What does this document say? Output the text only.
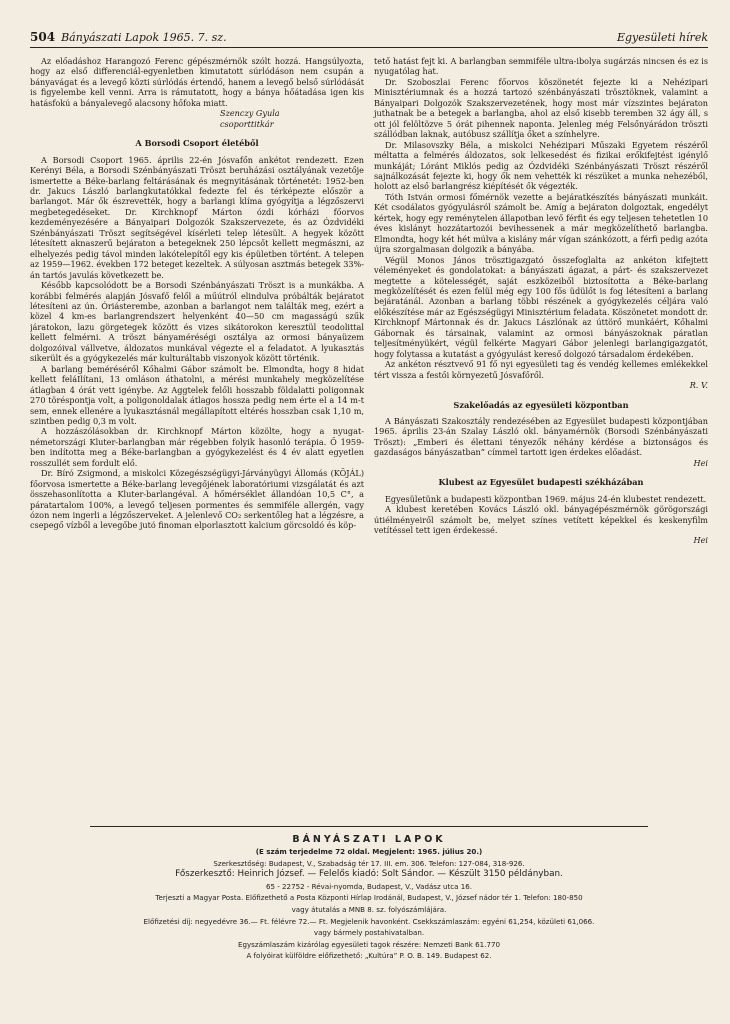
504 Bányászati Lapok 1965. 7. sz.	Egyesületi hírek

Az előadáshoz Harangozó Ferenc gépészmérnök szólt hozzá. Hangsúlyozta, hogy az első differenciál-egyenletben kimutatott súrlódáson nem csupán a bányavágat és a levegő közti súrlódás értendő, hanem a levegő belső súrlódását is figyelembe kell venni. Arra is rámutatott, hogy a bánya hőátadása igen kis hatásfokú a bányalevegő alacsony hőfoka miatt.

Szenczy Gyula
csoporttitkár
A Borsodi Csoport életéből

A Borsodi Csoport 1965. április 22-én Jósvafőn ankétot rendezett. Ezen Kerényi Béla, a Borsodi Szénbányászati Tröszt beruházási osztályának vezetője ismertette a Béke-barlang feltárásának és megnyitásának történetét: 1952-ben dr. Jakucs László barlangkutatókkal fedezte fel és térképezte először a barlangot. Már ők észrevették, hogy a barlangi klíma gyógyítja a légzőszervi megbetegedéseket. Dr. Kirchknopf Márton ózdi kórházi főorvos kezdeményezésére a Bányaipari Dolgozók Szakszervezete, és az Ózdvidéki Szénbányászati Tröszt segítségével kísérleti telep létesült. A hegyek között létesített aknaszerű bejáraton a betegeknek 250 lépcsőt kellett megmászni, az elhelyezés pedig távol minden lakótelepítől egy kis épületben történt. A telepen az 1959—1962. években 172 beteget kezeltek. A súlyosan asztmás betegek 33%-án tartós javulás következett be.

Később kapcsolódott be a Borsodi Szénbányászati Tröszt is a munkákba. A korábbi felmérés alapján Jósvafő felől a műútról elindulva próbálták bejáratot létesíteni az ún. Óriásterembe, azonban a barlangot nem találták meg, ezért a közel 4 km-es barlangrendszert helyenként 40—50 cm magasságú szűk járatokon, lazu görgetegek között és vizes sikátorokon keresztül teodolittal kellett felmérni. A tröszt bányaméréségi osztálya az ormosi bányaüzem dolgozóival vállvetve, áldozatos munkával végezte el a feladatot. A lyukasztás sikerült és a gyógykezelés már kulturáltabb viszonyok között történik.

A barlang beméréséről Kőhalmi Gábor számolt be. Elmondta, hogy 8 hidat kellett feláIlítani, 13 omláson áthatolni, a mérési munkahely megközelítése átlagban 4 órát vett igénybe. Az Aggtelek felőli hosszabb földalatti poligonnak 270 töréspontja volt, a poligonoldalak átlagos hossza pedig nem érte el a 14 m-t sem, ennek ellenére a lyukasztásnál megállapított eltérés hosszban csak 1,10 m, szintben pedig 0,3 m volt.

A hozzászólásokban dr. Kirchknopf Márton közölte, hogy a nyugat-németországi Kluter-barlangban már régebben folyik hasonló terápia. Ő 1959-ben indította meg a Béke-barlangban a gyógykezelést és 4 év alatt egyetlen rosszullét sem fordult elő.

Dr. Bíró Zsigmond, a miskolci Közegészségügyi-Járványügyi Állomás (KÖJÁL) főorvosa ismertette a Béke-barlang levegőjének laboratóriumi vizsgálatát és azt összehasonlította a Kluter-barlangéval. A hőmérséklet állandóan 10,5 C°, a páratartalom 100%, a levegő teljesen pormentes és semmiféle allergén, vagy ózon nem ingerli a légzőszerveket. A jelenlevő CO₂ serkentőleg hat a légzésre, a csepegő vízből a levegőbe jutó finoman elporlasztott kalcium görcsoldó és köp-

tető hatást fejt ki. A barlangban semmiféle ultra-ibolya sugárzás nincsen és ez is nyugatólag hat.

Dr. Szoboszlai Ferenc főorvos köszönetét fejezte ki a Nehézipari Minisztériumnak és a hozzá tartozó szénbányászati trösztöknek, valamint a Bányaipari Dolgozók Szakszervezetének, hogy most már vízszintes bejáraton juthatnak be a betegek a barlangba, ahol az első kisebb teremben 32 ágy áll, s ott jól felöltözve 5 órát pihennek naponta. Jelenleg még Felsőnyárádon tröszti szállódban laknak, autóbusz szállítja őket a színhelyre.

Dr. Milasovszky Béla, a miskolci Nehézipari Műszaki Egyetem részéről méltatta a felmérés áldozatos, sok lelkesedést és fizikai erőkifejtést igénylő munkáját; Lóránt Miklós pedig az Ózdvidéki Szénbányászati Tröszt részéről sajnálkozását fejezte ki, hogy ők nem vehették ki részüket a munka nehezéből, holott az első barlangrész kiépítését ők végezték.

Tóth István ormosi főmérnök vezette a bejáratkészítés bányászati munkáit. Két csodálatos gyógyulásról számolt be. Amíg a bejáraton dolgoztak, engedélyt kértek, hogy egy reménytelen állapotban levő férfit és egy teljesen tehetetlen 10 éves kislányt hozzátartozói bevihessenek a már megközelíthető barlangba. Elmondta, hogy két hét múlva a kislány már vígan szánkózott, a férfi pedig azóta újra szorgalmasan dolgozik a bányába.

Végül Monos János trösztigazgató összefoglalta az ankéton kifejtett véleményeket és gondolatokat: a bányászati ágazat, a párt- és szakszervezet megtette a kötelességét, saját eszközeiből biztosította a Béke-barlang megközelítését és ezen felül még egy 100 fős üdülőt is fog létesíteni a barlang bejáratánál. Azonban a barlang többi részének a gyógykezelés céljára való előkészítése már az Egészségügyi Minisztérium feladata. Köszönetet mondott dr. Kirchknopf Mártonnak és dr. Jakucs Lászlónak az úttörő munkáért, Kőhalmi Gábornak és társainak, valamint az ormosi bányászoknak páratlan teljesítményükért, végül felkérte Magyari Gábor jelenlegi barlangigazgatót, hogy folytassa a kutatást a gyógyulást kereső dolgozó társadalom érdekében.

Az ankéton résztvevő 91 fő nyi egyesületi tag és vendég kellemes emlékekkel tért vissza a festői környezetű Jósvafőről.

R. V.

Szakelőadás az egyesületi központban

A Bányászati Szakosztály rendezésében az Egyesület budapesti központjában 1965. április 23-án Szalay László okl. bányamérnök (Borsodi Szénbányászati Tröszt): „Emberi és élettani tényezők néhány kérdése a biztonságos és gazdaságos bányászatban” címmel tartott igen érdekes előadást.

Hei

Klubest az Egyesület budapesti székházában

Egyesületünk a budapesti központban 1969. május 24-én klubestet rendezett.

A klubest keretében Kovács László okl. bányagépészmérnök görögországi útiélményeiről számolt be, melyet színes vetített képekkel és keskenyfilm vetítéssel tett igen érdekessé.

Hei

BÁNYÁSZATI LAPOK
(E szám terjedelme 72 oldal. Megjelent: 1965. július 20.)
Szerkesztőség: Budapest, V., Szabadság tér 17. III. em. 306. Telefon: 127-084, 318-926.
Főszerkesztő: Heinrich József. — Felelős kiadó: Solt Sándor. — Készült 3150 példányban.
65 - 22752 - Révai-nyomda, Budapest, V., Vadász utca 16.
Terjeszti a Magyar Posta. Előfizethető a Posta Központi Hírlap Irodánál, Budapest, V., József nádor tér 1. Telefon: 180-850
vagy átutalás a MNB 8. sz. folyószámlájára.
Előfizetési díj: negyedévre 36.— Ft. félévre 72.— Ft. Megjelenik havonként. Csekkszámlaszám: egyéni 61,254, közületi 61,066.
vagy bármely postahivatalban.
Egyszámlaszám kizárólag egyesületi tagok részére: Nemzeti Bank 61.770
A folyóirat külföldre előfizethető: „Kultúra” P. O. B. 149. Budapest 62.
